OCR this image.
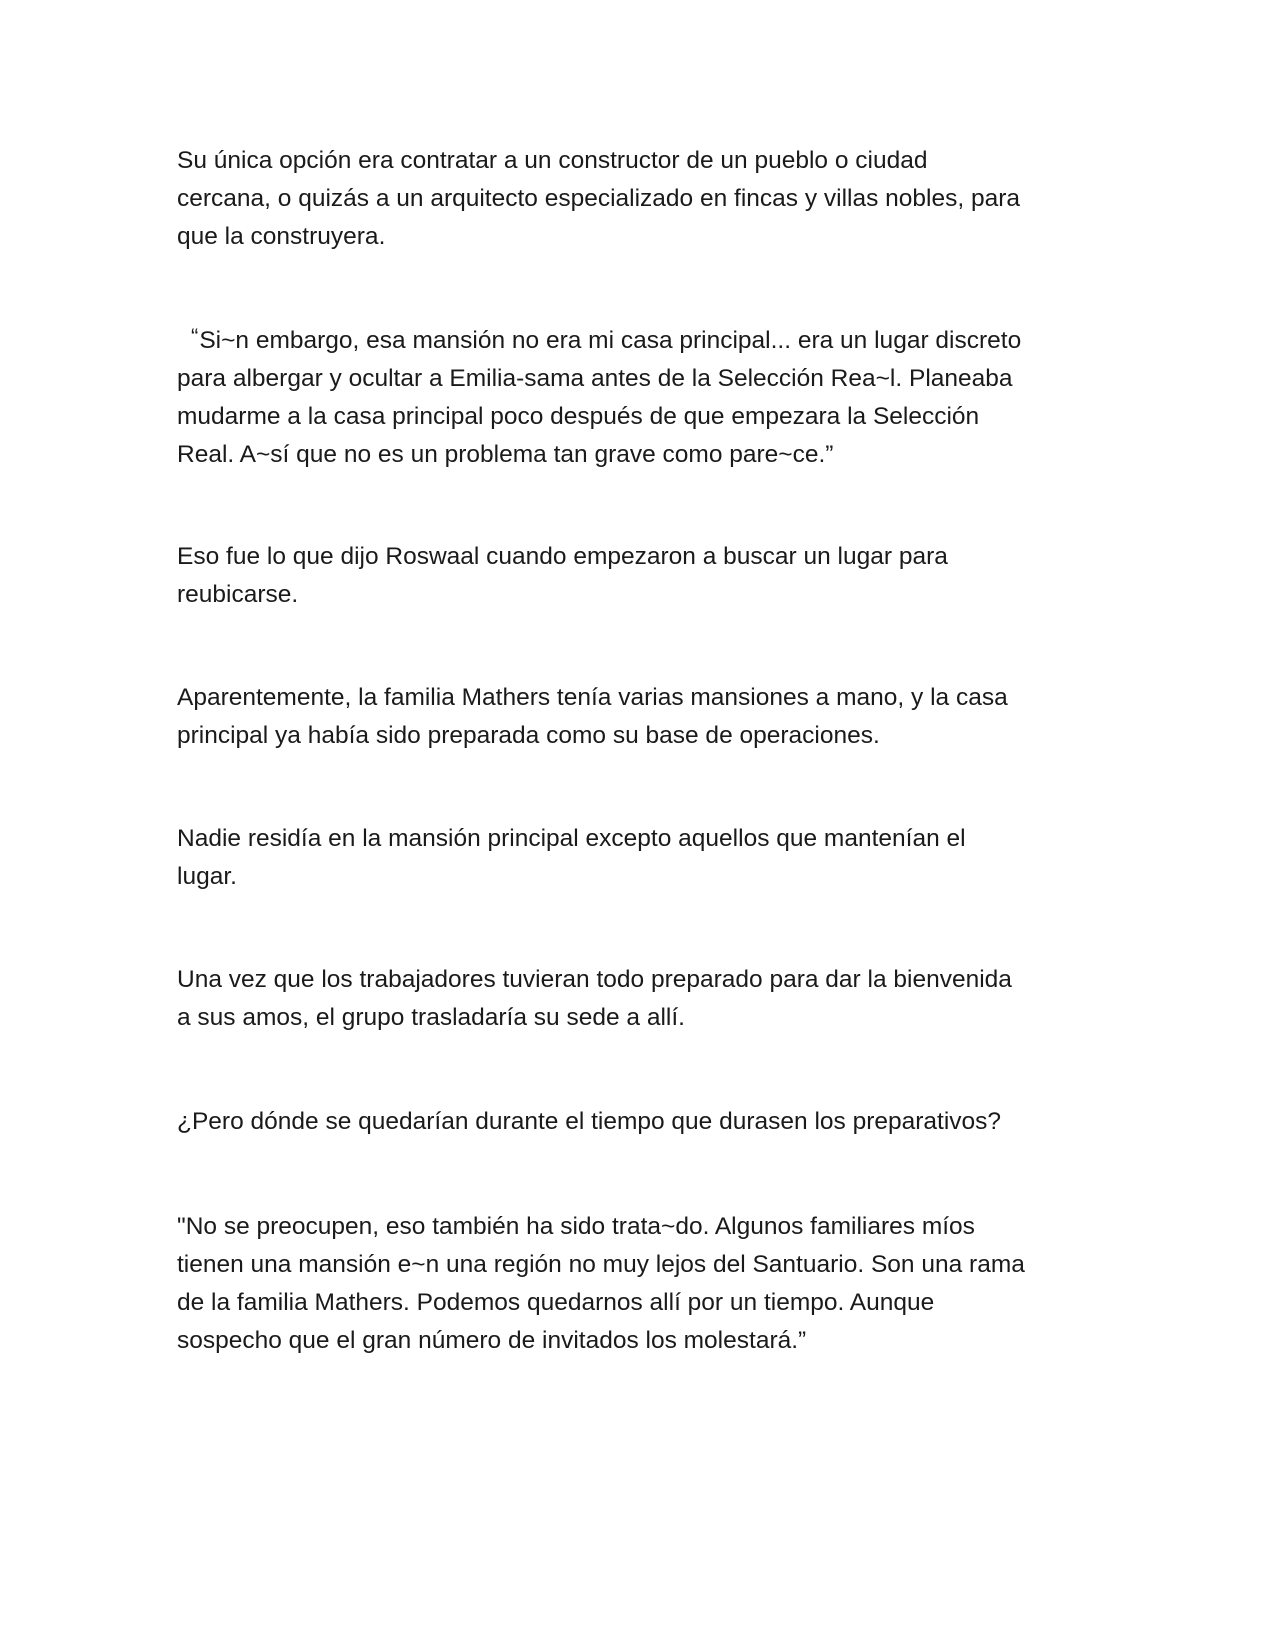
Su única opción era contratar a un constructor de un pueblo o ciudad
cercana, o quizás a un arquitecto especializado en fincas y villas nobles, para
que la construyera.

“Si~n embargo, esa mansión no era mi casa principal... era un lugar discreto
para albergar y ocultar a Emilia-sama antes de la Selección Rea~l. Planeaba
mudarme a la casa principal poco después de que empezara la Selección
Real. A~sí que no es un problema tan grave como pare~ce.”

Eso fue lo que dijo Roswaal cuando empezaron a buscar un lugar para
reubicarse.

Aparentemente, la familia Mathers tenía varias mansiones a mano, y la casa
principal ya había sido preparada como su base de operaciones.

Nadie residía en la mansión principal excepto aquellos que mantenían el
lugar.

Una vez que los trabajadores tuvieran todo preparado para dar la bienvenida
a sus amos, el grupo trasladaría su sede a allí.

¿Pero dónde se quedarían durante el tiempo que durasen los preparativos?

"No se preocupen, eso también ha sido trata~do. Algunos familiares míos
tienen una mansión e~n una región no muy lejos del Santuario. Son una rama
de la familia Mathers. Podemos quedarnos allí por un tiempo. Aunque
sospecho que el gran número de invitados los molestará.”
